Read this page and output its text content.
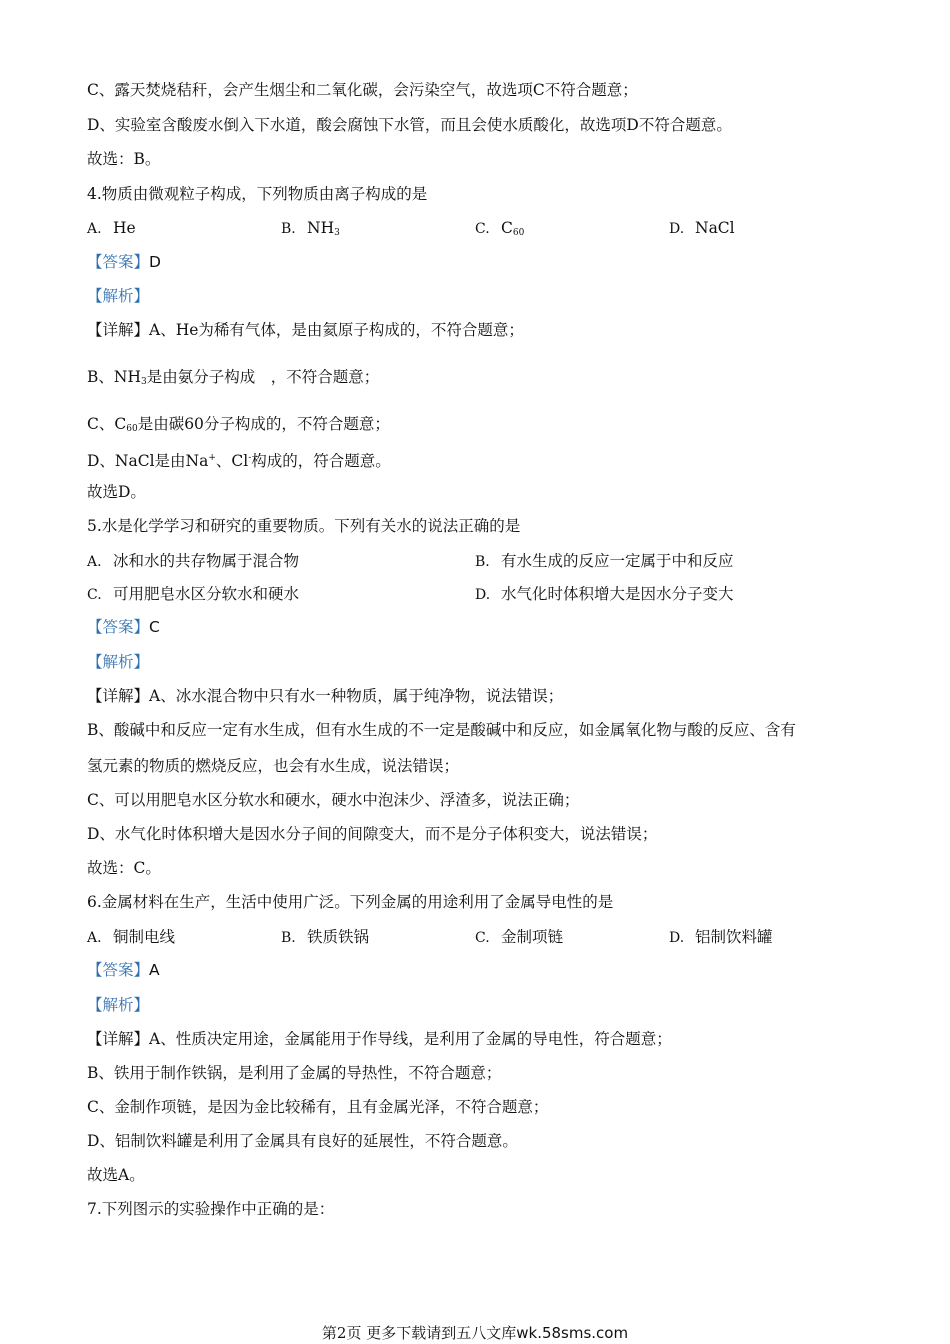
C、露天焚烧秸秆，会产生烟尘和二氧化碳，会污染空气，故选项C不符合题意；
D、实验室含酸废水倒入下水道，酸会腐蚀下水管，而且会使水质酸化，故选项D不符合题意。
故选：B。
4.物质由微观粒子构成，下列物质由离子构成的是
A. He	B. $NH_3$	C. $C_{60}$	D. NaCl
【答案】D
【解析】
【详解】A、He为稀有气体，是由氦原子构成的，不符合题意；
B、$NH_3$是由氨分子构成　，不符合题意；
C、$C_{60}$是由碳60分子构成的，不符合题意；
D、NaCl是由Na+、Cl-构成的，符合题意。
故选D。
5.水是化学学习和研究的重要物质。下列有关水的说法正确的是
A. 冰和水的共存物属于混合物	B. 有水生成的反应一定属于中和反应
C. 可用肥皂水区分软水和硬水	D. 水气化时体积增大是因水分子变大
【答案】C
【解析】
【详解】A、冰水混合物中只有水一种物质，属于纯净物，说法错误；
B、酸碱中和反应一定有水生成，但有水生成的不一定是酸碱中和反应，如金属氧化物与酸的反应、含有
氢元素的物质的燃烧反应，也会有水生成，说法错误；
C、可以用肥皂水区分软水和硬水，硬水中泡沫少、浮渣多，说法正确；
D、水气化时体积增大是因水分子间的间隙变大，而不是分子体积变大，说法错误；
故选：C。
6.金属材料在生产，生活中使用广泛。下列金属的用途利用了金属导电性的是
A. 铜制电线	B. 铁质铁锅	C. 金制项链	D. 铝制饮料罐
【答案】A
【解析】
【详解】A、性质决定用途，金属能用于作导线，是利用了金属的导电性，符合题意；
B、铁用于制作铁锅，是利用了金属的导热性，不符合题意；
C、金制作项链，是因为金比较稀有，且有金属光泽，不符合题意；
D、铝制饮料罐是利用了金属具有良好的延展性，不符合题意。
故选A。
7.下列图示的实验操作中正确的是：
第2页 更多下载请到五八文库wk.58sms.com
